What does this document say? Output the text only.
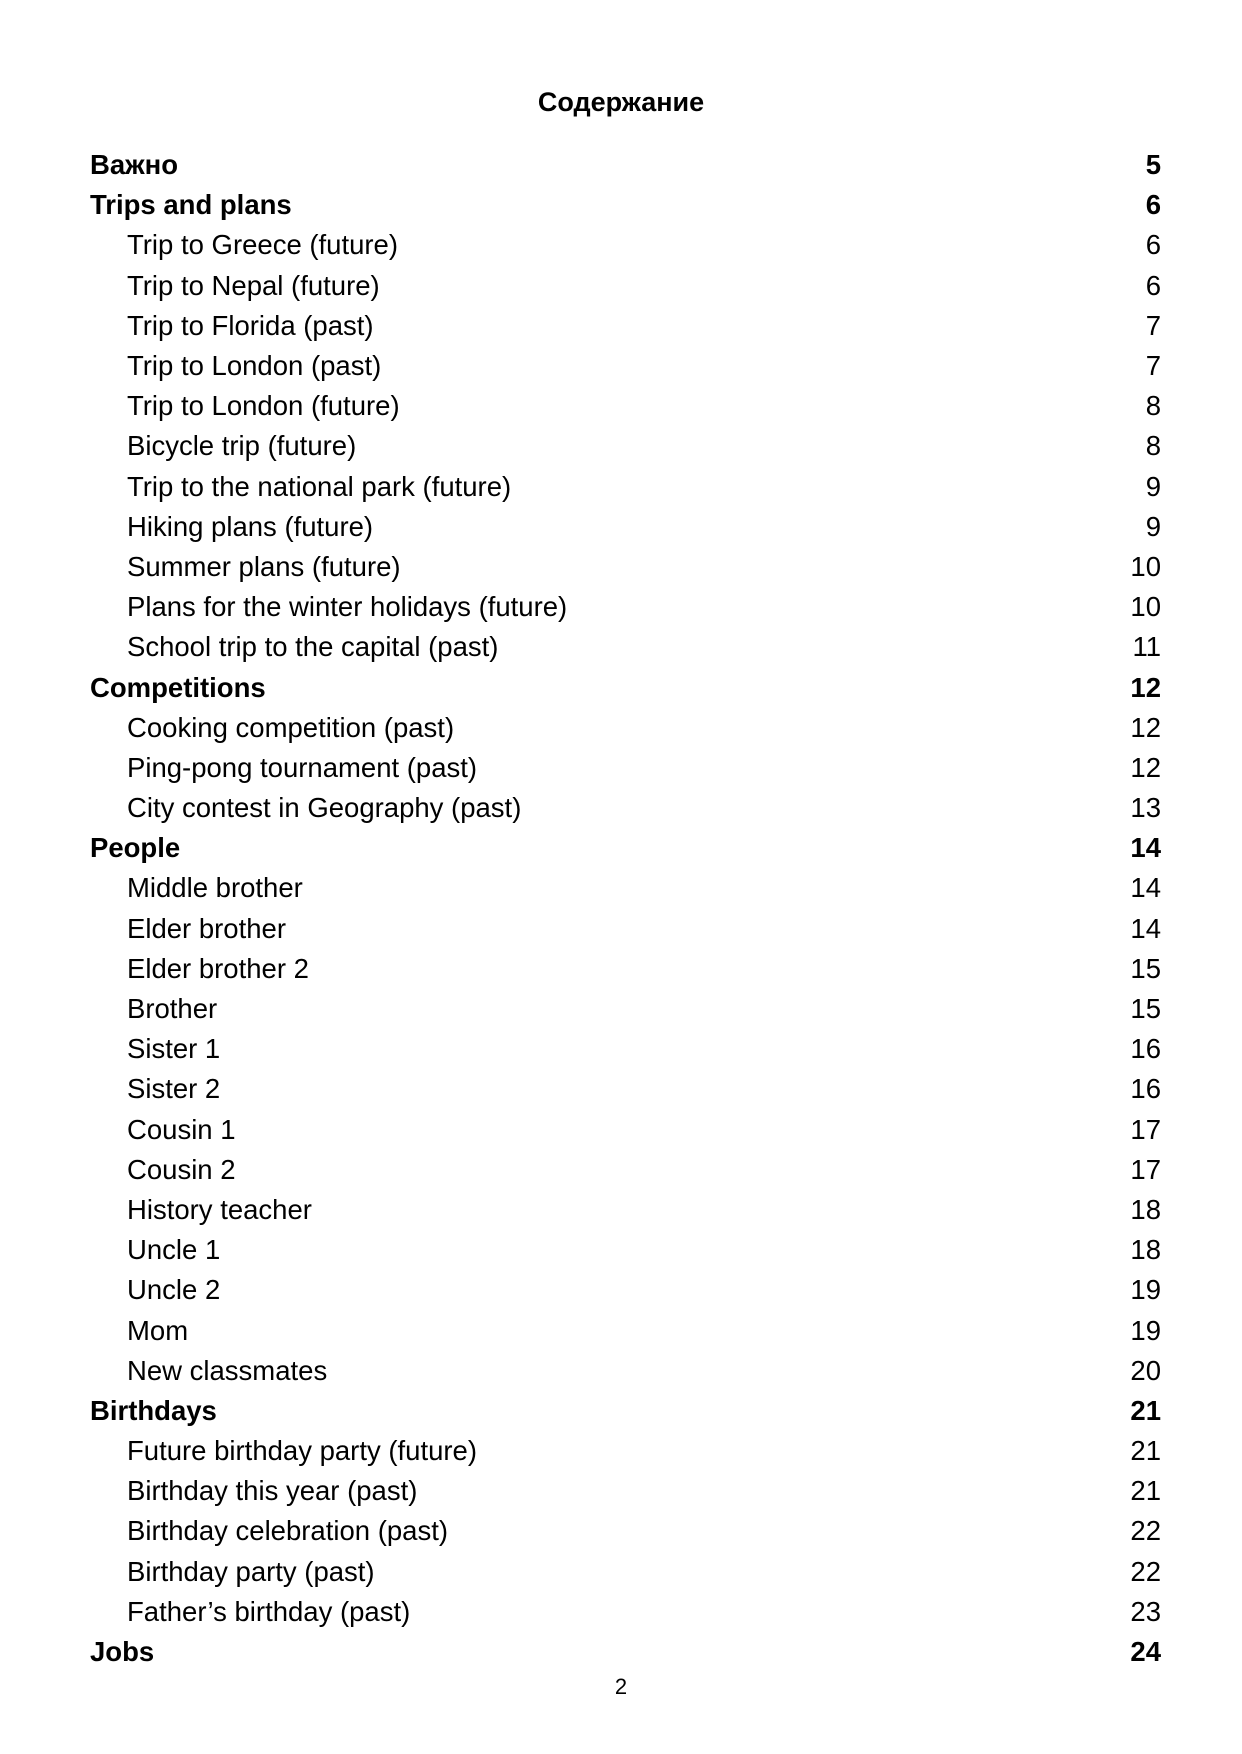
Содержание
Важно	5
Trips and plans	6
Trip to Greece (future)	6
Trip to Nepal (future)	6
Trip to Florida (past)	7
Trip to London (past)	7
Trip to London (future)	8
Bicycle trip (future)	8
Trip to the national park (future)	9
Hiking plans (future)	9
Summer plans (future)	10
Plans for the winter holidays (future)	10
School trip to the capital (past)	11
Competitions	12
Cooking competition (past)	12
Ping-pong tournament (past)	12
City contest in Geography (past)	13
People	14
Middle brother	14
Elder brother	14
Elder brother 2	15
Brother	15
Sister 1	16
Sister 2	16
Cousin 1	17
Cousin 2	17
History teacher	18
Uncle 1	18
Uncle 2	19
Mom	19
New classmates	20
Birthdays	21
Future birthday party (future)	21
Birthday this year (past)	21
Birthday celebration (past)	22
Birthday party (past)	22
Father’s birthday (past)	23
Jobs	24
2
